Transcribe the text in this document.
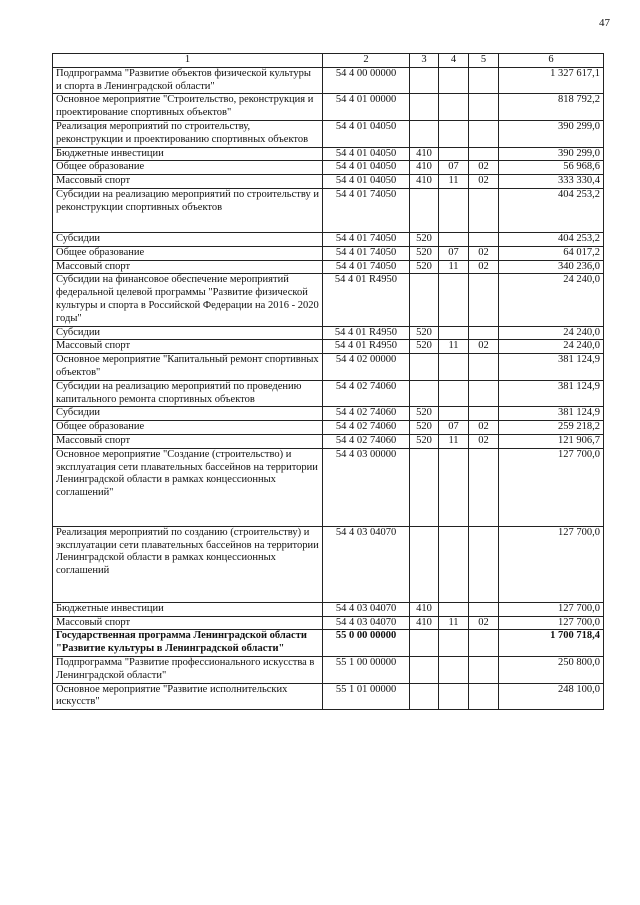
47
1	2	3	4	5	6
Подпрограмма "Развитие объектов физической культуры и спорта в Ленинградской области"	54 4 00 00000				1 327 617,1
Основное мероприятие "Строительство, реконструкция и проектирование спортивных объектов"	54 4 01 00000				818 792,2
Реализация мероприятий по строительству, реконструкции и проектированию спортивных объектов	54 4 01 04050				390 299,0
Бюджетные инвестиции	54 4 01 04050	410			390 299,0
Общее образование	54 4 01 04050	410	07	02	56 968,6
Массовый спорт	54 4 01 04050	410	11	02	333 330,4
Субсидии на реализацию мероприятий по строительству и реконструкции спортивных объектов	54 4 01 74050				404 253,2
Субсидии	54 4 01 74050	520			404 253,2
Общее образование	54 4 01 74050	520	07	02	64 017,2
Массовый спорт	54 4 01 74050	520	11	02	340 236,0
Субсидии на финансовое обеспечение мероприятий федеральной целевой программы "Развитие физической культуры и спорта в Российской Федерации на 2016 - 2020 годы"	54 4 01 R4950				24 240,0
Субсидии	54 4 01 R4950	520			24 240,0
Массовый спорт	54 4 01 R4950	520	11	02	24 240,0
Основное мероприятие "Капитальный ремонт спортивных объектов"	54 4 02 00000				381 124,9
Субсидии на реализацию мероприятий по проведению капитального ремонта спортивных объектов	54 4 02 74060				381 124,9
Субсидии	54 4 02 74060	520			381 124,9
Общее образование	54 4 02 74060	520	07	02	259 218,2
Массовый спорт	54 4 02 74060	520	11	02	121 906,7
Основное мероприятие "Создание (строительство) и эксплуатация сети плавательных бассейнов на территории Ленинградской области в рамках концессионных соглашений"	54 4 03 00000				127 700,0
Реализация мероприятий по созданию (строительству) и эксплуатации сети плавательных бассейнов на территории Ленинградской области в рамках концессионных соглашений	54 4 03 04070				127 700,0
Бюджетные инвестиции	54 4 03 04070	410			127 700,0
Массовый спорт	54 4 03 04070	410	11	02	127 700,0
Государственная программа Ленинградской области "Развитие культуры в Ленинградской области"	55 0 00 00000				1 700 718,4
Подпрограмма "Развитие профессионального искусства в Ленинградской области"	55 1 00 00000				250 800,0
Основное мероприятие "Развитие исполнительских искусств"	55 1 01 00000				248 100,0
